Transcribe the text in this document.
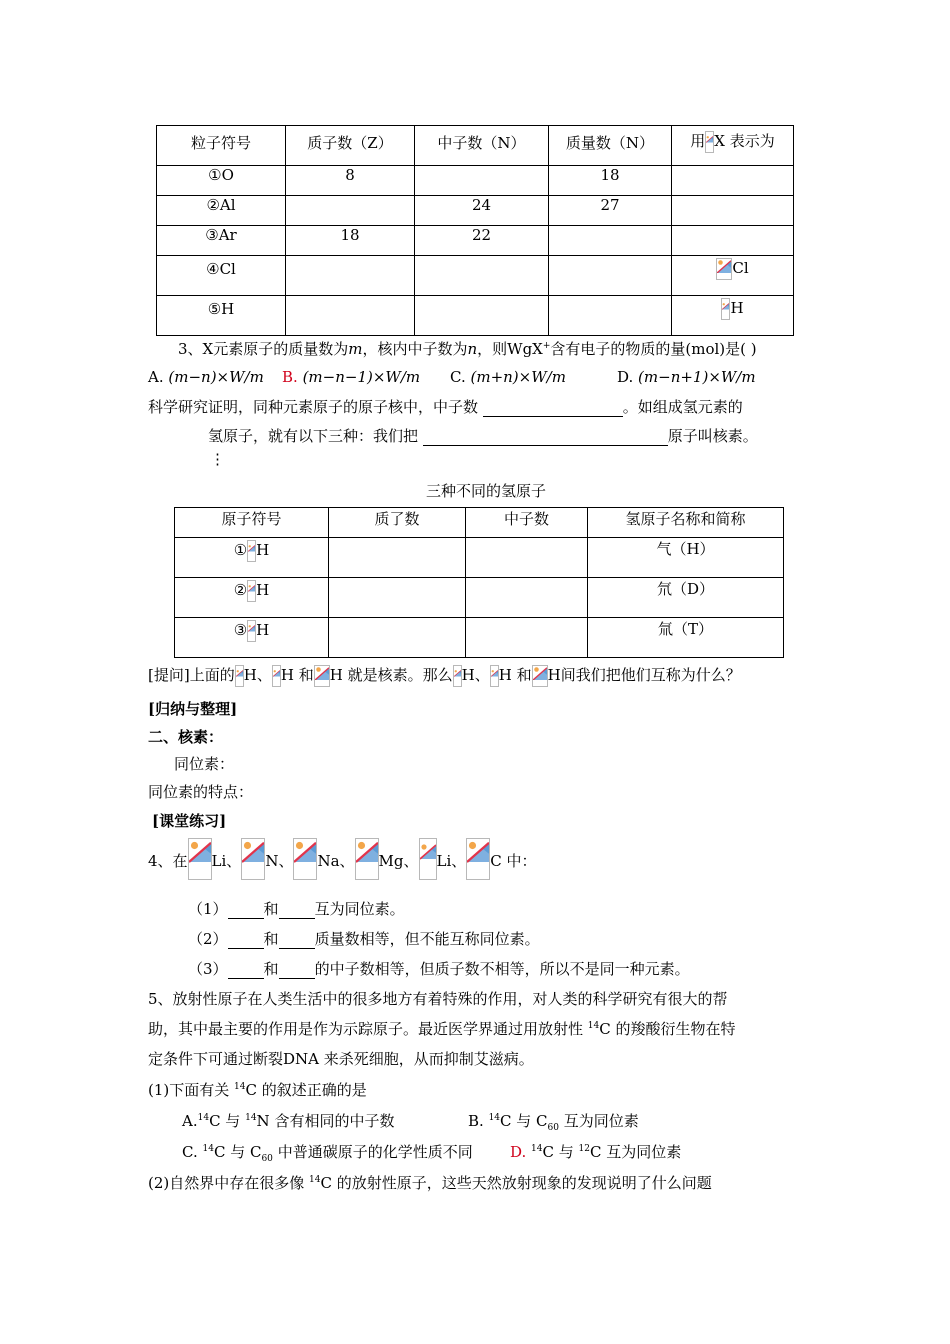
粒子符号	质子数（Z）	中子数（N）	质量数（N）	用 X 表示为
①O	8		18	
②Al		24	27	
③Ar	18	22		
④Cl				Cl
⑤H				H
3、X元素原子的质量数为m，核内中子数为n，则WgX+含有电子的物质的量(mol)是( )
A. (m−n)×W/m B. (m−n−1)×W/m C. (m+n)×W/m	D. (m−n+1)×W/m
科学研究证明，同种元素原子的原子核中，中子数	。如组成氢元素的
氢原子，就有以下三种：我们把	原子叫核素。
⋮
三种不同的氢原子
原子符号	质了数	中子数	氢原子名称和简称
① H			气（H）
② H			氘（D）
③ H			氚（T）
[提问]上面的 H、 H 和 H 就是核素。那么 H、 H 和 H间我们把他们互称为什么？
[归纳与整理]
二、核素：
同位素：
同位素的特点：
[课堂练习]
4、在 Li、 N、 Na、 Mg、 Li、 C 中：
（1） 和 互为同位素。
（2） 和 质量数相等，但不能互称同位素。
（3） 和 的中子数相等，但质子数不相等，所以不是同一种元素。
5、放射性原子在人类生活中的很多地方有着特殊的作用，对人类的科学研究有很大的帮
助，其中最主要的作用是作为示踪原子。最近医学界通过用放射性 $^{14}$C 的羧酸衍生物在特
定条件下可通过断裂DNA 来杀死细胞，从而抑制艾滋病。
(1)下面有关 $^{14}$C 的叙述正确的是
A.$^{14}$C 与 $^{14}$N 含有相同的中子数	B. $^{14}$C 与 $C_{60}$ 互为同位素
C. $^{14}$C 与 $C_{60}$ 中普通碳原子的化学性质不同 D. $^{14}$C 与 $^{12}$C 互为同位素
(2)自然界中存在很多像 $^{14}$C 的放射性原子，这些天然放射现象的发现说明了什么问题
